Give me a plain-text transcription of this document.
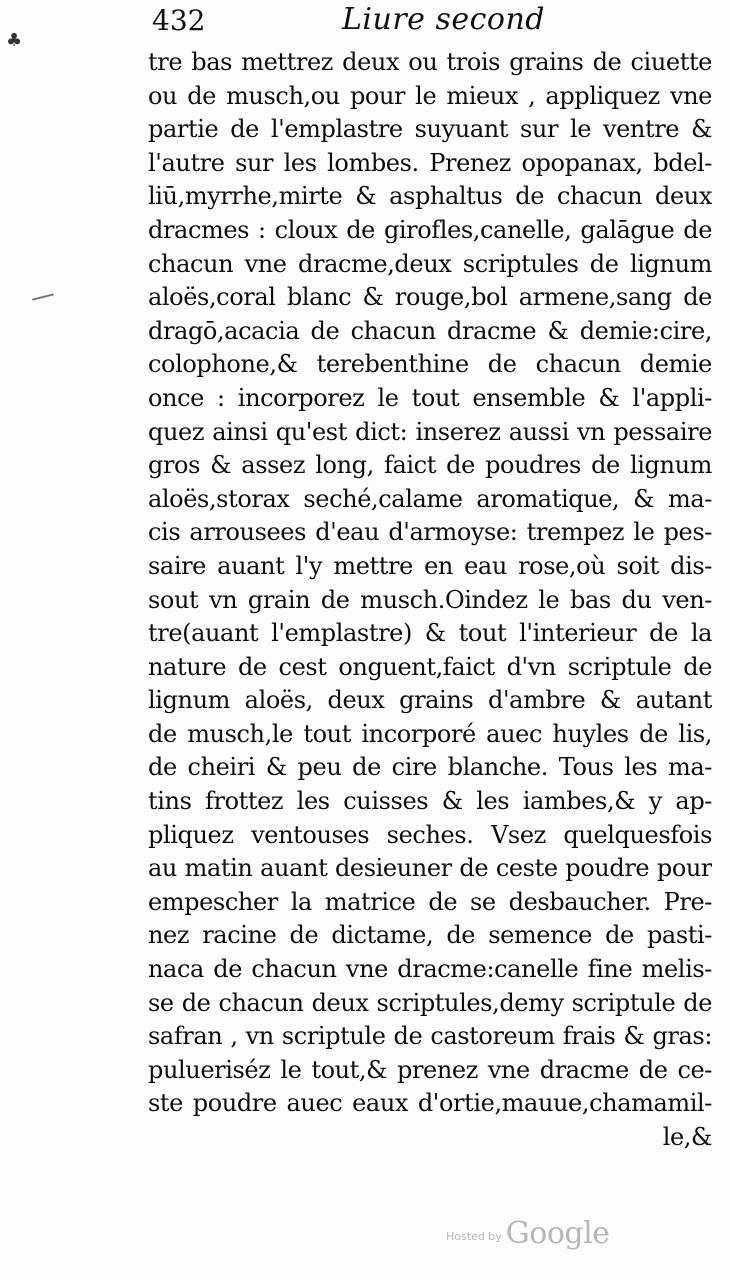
432	Liure second
♣
tre bas mettrez deux ou trois grains de ciuette
ou de musch,ou pour le mieux , appliquez vne
partie de l'emplastre suyuant sur le ventre &
l'autre sur les lombes. Prenez opopanax, bdel-
liū,myrrhe,mirte & asphaltus de chacun deux
dracmes : cloux de girofles,canelle, galāgue de
chacun vne dracme,deux scriptules de lignum
aloës,coral blanc & rouge,bol armene,sang de
dragō,acacia de chacun dracme & demie:cire,
colophone,& terebenthine de chacun demie
once : incorporez le tout ensemble & l'appli-
quez ainsi qu'est dict: inserez aussi vn pessaire
gros & assez long, faict de poudres de lignum
aloës,storax seché,calame aromatique, & ma-
cis arrousees d'eau d'armoyse: trempez le pes-
saire auant l'y mettre en eau rose,où soit dis-
sout vn grain de musch.Oindez le bas du ven-
tre(auant l'emplastre) & tout l'interieur de la
nature de cest onguent,faict d'vn scriptule de
lignum aloës, deux grains d'ambre & autant
de musch,le tout incorporé auec huyles de lis,
de cheiri & peu de cire blanche. Tous les ma-
tins frottez les cuisses & les iambes,& y ap-
pliquez ventouses seches. Vsez quelquesfois
au matin auant desieuner de ceste poudre pour
empescher la matrice de se desbaucher. Pre-
nez racine de dictame, de semence de pasti-
naca de chacun vne dracme:canelle fine melis-
se de chacun deux scriptules,demy scriptule de
safran , vn scriptule de castoreum frais & gras:
pulueriséz le tout,& prenez vne dracme de ce-
ste poudre auec eaux d'ortie,mauue,chamamil-
le,&
Hosted by Google
